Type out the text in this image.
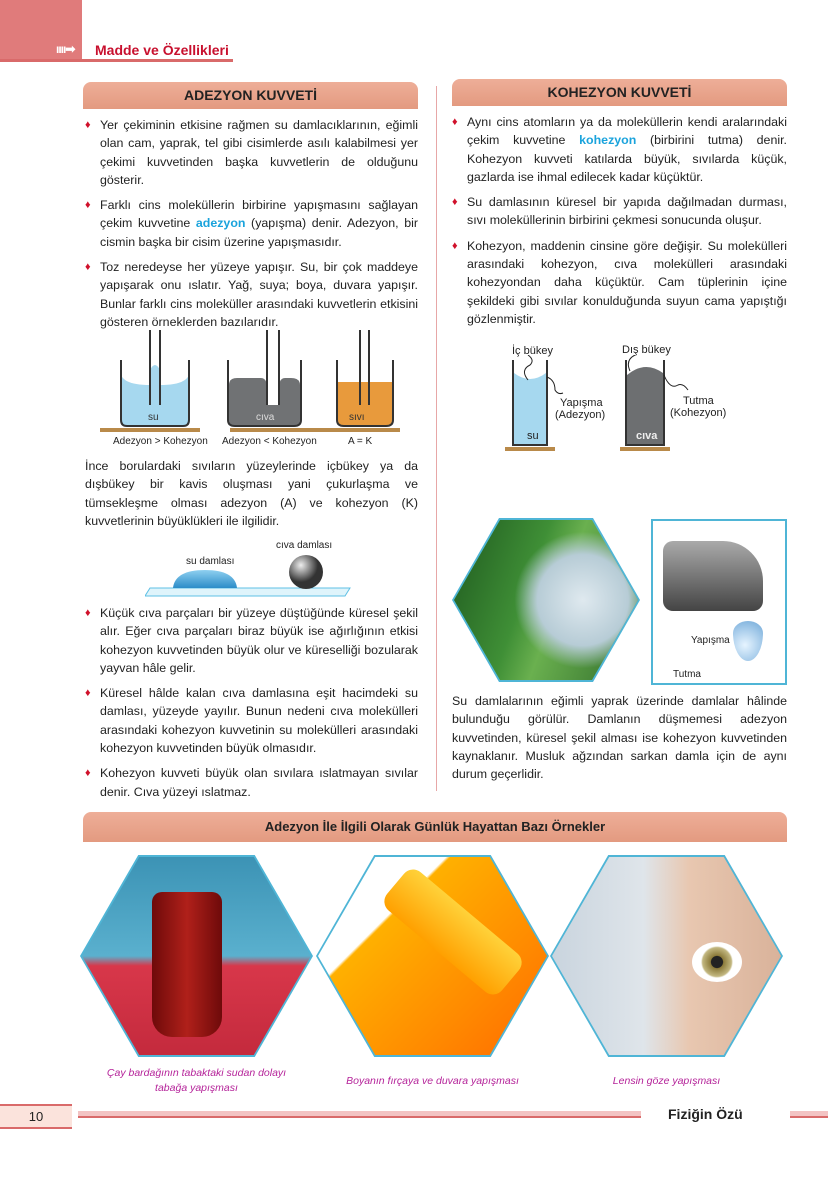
ıııı➡ Madde ve Özellikleri
ADEZYON KUVVETİ
♦ Yer çekiminin etkisine rağmen su damlacıklarının, eğimli olan cam, yaprak, tel gibi cisimlerde asılı kalabilmesi yer çekimi kuvvetinden başka kuvvetlerin de olduğunu gösterir.
♦ Farklı cins moleküllerin birbirine yapışmasını sağlayan çekim kuvvetine adezyon (yapışma) denir. Adezyon, bir cismin başka bir cisim üzerine yapışmasıdır.
♦ Toz neredeyse her yüzeye yapışır. Su, bir çok maddeye yapışarak onu ıslatır. Yağ, suya; boya, duvara yapışır. Bunlar farklı cins moleküller arasındaki kuvvetlerin etkisini gösteren örneklerden bazılarıdır.
su	cıva	sıvı
Adezyon > Kohezyon Adezyon < Kohezyon	A = K

İnce borulardaki sıvıların yüzeylerinde içbükey ya da dışbükey bir kavis oluşması yani çukurlaşma ve tümsekleşme olması adezyon (A) ve kohezyon (K) kuvvetlerinin büyüklükleri ile ilgilidir.

su damlası
cıva damlası
♦ Küçük cıva parçaları bir yüzeye düştüğünde küresel şekil alır. Eğer cıva parçaları biraz büyük ise ağırlığının etkisi kohezyon kuvvetinden büyük olur ve küreselliği bozularak yayvan hâle gelir.
♦ Küresel hâlde kalan cıva damlasına eşit hacimdeki su damlası, yüzeyde yayılır. Bunun nedeni cıva molekülleri arasındaki kohezyon kuvvetinin su molekülleri arasındaki kohezyon kuvvetinden büyük olmasıdır.
♦ Kohezyon kuvveti büyük olan sıvılara ıslatmayan sıvılar denir. Cıva yüzeyi ıslatmaz.
KOHEZYON KUVVETİ
♦ Aynı cins atomların ya da moleküllerin kendi aralarındaki çekim kuvvetine kohezyon (birbirini tutma) denir. Kohezyon kuvveti katılarda büyük, sıvılarda küçük, gazlarda ise ihmal edilecek kadar küçüktür.
♦ Su damlasının küresel bir yapıda dağılmadan durması, sıvı moleküllerinin birbirini çekmesi sonucunda oluşur.
♦ Kohezyon, maddenin cinsine göre değişir. Su molekülleri arasındaki kohezyon, cıva molekülleri arasındaki kohezyondan daha küçüktür. Cam tüplerinin içine şekildeki gibi sıvılar konulduğunda suyun cama yapıştığı gözlenmiştir.
İç bükey	Dış bükey
Yapışma
(Adezyon)
Tutma
(Kohezyon)
su	cıva
Yapışma
Tutma

Su damlalarının eğimli yaprak üzerinde damlalar hâlinde bulunduğu görülür. Damlanın düşmemesi adezyon kuvvetinden, küresel şekil alması ise kohezyon kuvvetinden kaynaklanır. Musluk ağzından sarkan damla için de aynı durum geçerlidir.

Adezyon İle İlgili Olarak Günlük Hayattan Bazı Örnekler
Çay bardağının tabaktaki sudan dolayı
tabağa yapışması
Boyanın fırçaya ve duvara yapışması	Lensin göze yapışması
10	Fiziğin Özü
